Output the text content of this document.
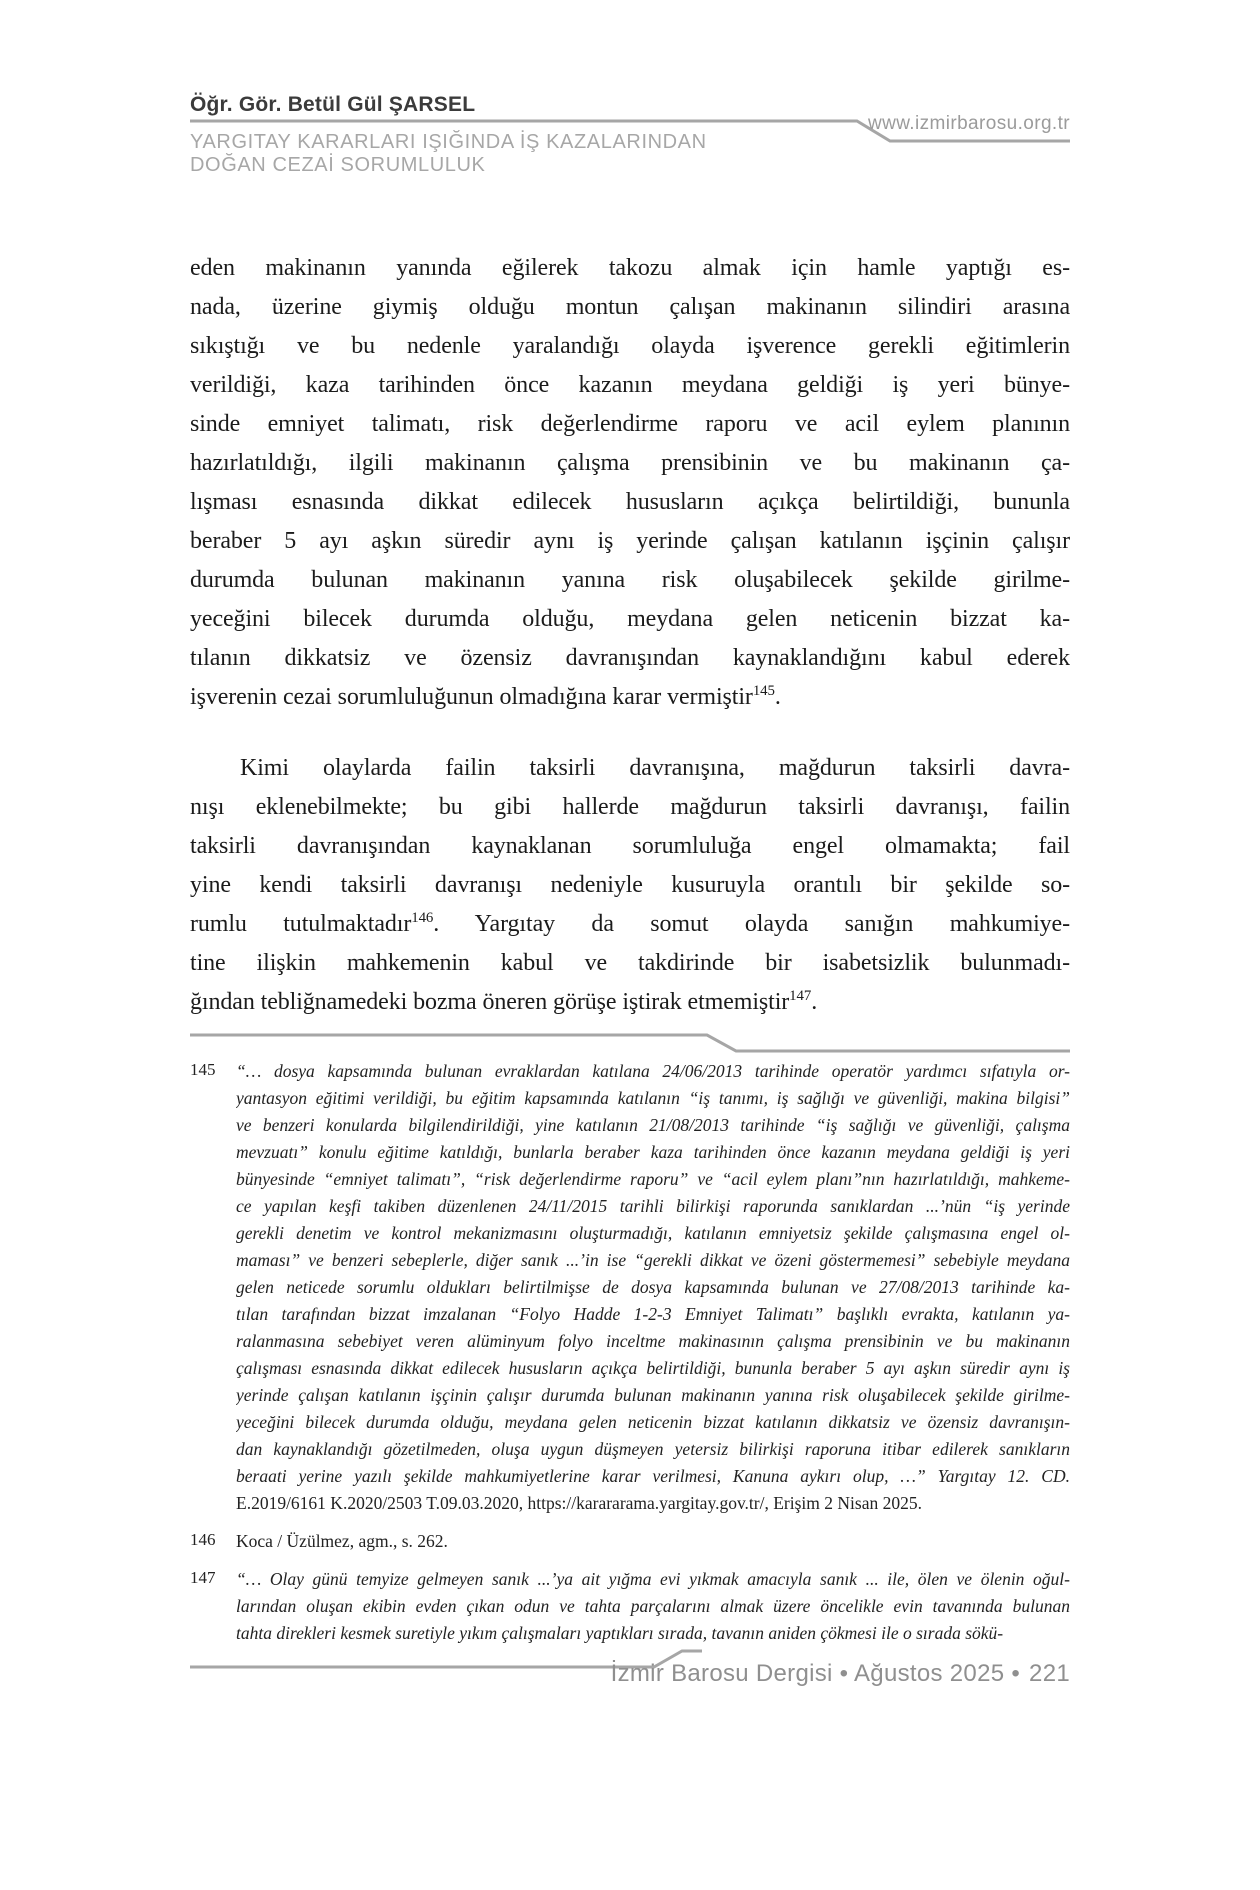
Öğr. Gör. Betül Gül ŞARSEL
www.izmirbarosu.org.tr
YARGITAY KARARLARI IŞIĞINDA İŞ KAZALARINDAN
DOĞAN CEZAİ SORUMLULUK
eden makinanın yanında eğilerek takozu almak için hamle yaptığı es-
nada, üzerine giymiş olduğu montun çalışan makinanın silindiri arasına
sıkıştığı ve bu nedenle yaralandığı olayda işverence gerekli eğitimlerin
verildiği, kaza tarihinden önce kazanın meydana geldiği iş yeri bünye-
sinde emniyet talimatı, risk değerlendirme raporu ve acil eylem planının
hazırlatıldığı, ilgili makinanın çalışma prensibinin ve bu makinanın ça-
lışması esnasında dikkat edilecek hususların açıkça belirtildiği, bununla
beraber 5 ayı aşkın süredir aynı iş yerinde çalışan katılanın işçinin çalışır
durumda bulunan makinanın yanına risk oluşabilecek şekilde girilme-
yeceğini bilecek durumda olduğu, meydana gelen neticenin bizzat ka-
tılanın dikkatsiz ve özensiz davranışından kaynaklandığını kabul ederek
işverenin cezai sorumluluğunun olmadığına karar vermiştir$^{145}$.
Kimi olaylarda failin taksirli davranışına, mağdurun taksirli davra-
nışı eklenebilmekte; bu gibi hallerde mağdurun taksirli davranışı, failin
taksirli davranışından kaynaklanan sorumluluğa engel olmamakta; fail
yine kendi taksirli davranışı nedeniyle kusuruyla orantılı bir şekilde so-
rumlu tutulmaktadır$^{146}$. Yargıtay da somut olayda sanığın mahkumiye-
tine ilişkin mahkemenin kabul ve takdirinde bir isabetsizlik bulunmadı-
ğından tebliğnamedeki bozma öneren görüşe iştirak etmemiştir$^{147}$.
145 “… dosya kapsamında bulunan evraklardan katılana 24/06/2013 tarihinde operatör yardımcı sıfatıyla or-
yantasyon eğitimi verildiği, bu eğitim kapsamında katılanın “iş tanımı, iş sağlığı ve güvenliği, makina bilgisi”
ve benzeri konularda bilgilendirildiği, yine katılanın 21/08/2013 tarihinde “iş sağlığı ve güvenliği, çalışma
mevzuatı” konulu eğitime katıldığı, bunlarla beraber kaza tarihinden önce kazanın meydana geldiği iş yeri
bünyesinde “emniyet talimatı”, “risk değerlendirme raporu” ve “acil eylem planı”nın hazırlatıldığı, mahkeme-
ce yapılan keşfi takiben düzenlenen 24/11/2015 tarihli bilirkişi raporunda sanıklardan ...’nün “iş yerinde
gerekli denetim ve kontrol mekanizmasını oluşturmadığı, katılanın emniyetsiz şekilde çalışmasına engel ol-
maması” ve benzeri sebeplerle, diğer sanık ...’in ise “gerekli dikkat ve özeni göstermemesi” sebebiyle meydana
gelen neticede sorumlu oldukları belirtilmişse de dosya kapsamında bulunan ve 27/08/2013 tarihinde ka-
tılan tarafından bizzat imzalanan “Folyo Hadde 1-2-3 Emniyet Talimatı” başlıklı evrakta, katılanın ya-
ralanmasına sebebiyet veren alüminyum folyo inceltme makinasının çalışma prensibinin ve bu makinanın
çalışması esnasında dikkat edilecek hususların açıkça belirtildiği, bununla beraber 5 ayı aşkın süredir aynı iş
yerinde çalışan katılanın işçinin çalışır durumda bulunan makinanın yanına risk oluşabilecek şekilde girilme-
yeceğini bilecek durumda olduğu, meydana gelen neticenin bizzat katılanın dikkatsiz ve özensiz davranışın-
dan kaynaklandığı gözetilmeden, oluşa uygun düşmeyen yetersiz bilirkişi raporuna itibar edilerek sanıkların
beraati yerine yazılı şekilde mahkumiyetlerine karar verilmesi, Kanuna aykırı olup, …” Yargıtay 12. CD.
E.2019/6161 K.2020/2503 T.09.03.2020, https://karararama.yargitay.gov.tr/, Erişim 2 Nisan 2025.
146 Koca / Üzülmez, agm., s. 262.
147 “… Olay günü temyize gelmeyen sanık ...’ya ait yığma evi yıkmak amacıyla sanık ... ile, ölen ve ölenin oğul-
larından oluşan ekibin evden çıkan odun ve tahta parçalarını almak üzere öncelikle evin tavanında bulunan
tahta direkleri kesmek suretiyle yıkım çalışmaları yaptıkları sırada, tavanın aniden çökmesi ile o sırada sökü-
İzmir Barosu Dergisi • Ağustos 2025 • 221
